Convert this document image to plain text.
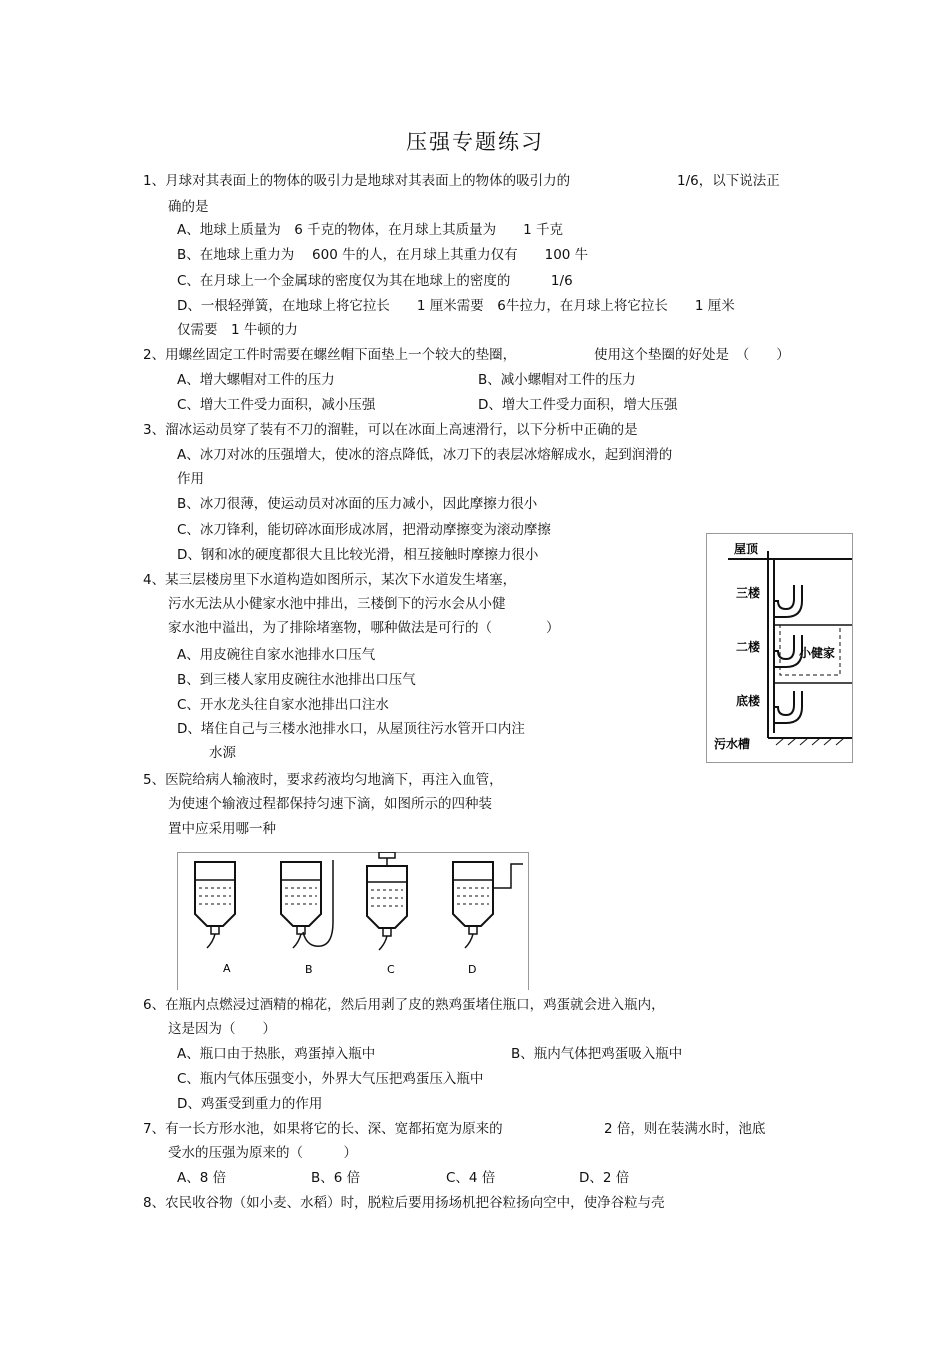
压强专题练习
1、月球对其表面上的物体的吸引力是地球对其表面上的物体的吸引力的	1/6，以下说法正
确的是
A、地球上质量为　6 千克的物体，在月球上其质量为　　1 千克
B、在地球上重力为　 600 牛的人，在月球上其重力仅有　　100 牛
C、在月球上一个金属球的密度仅为其在地球上的密度的　　　1/6
D、一根轻弹簧，在地球上将它拉长　　1 厘米需要　6牛拉力，在月球上将它拉长　　1 厘米
仅需要　1 牛顿的力
2、用螺丝固定工件时需要在螺丝帽下面垫上一个较大的垫圈，	使用这个垫圈的好处是　（　　）
A、增大螺帽对工件的压力	B、减小螺帽对工件的压力
C、增大工件受力面积，减小压强	D、增大工件受力面积，增大压强
3、溜冰运动员穿了装有不刀的溜鞋，可以在冰面上高速滑行，以下分析中正确的是
A、冰刀对冰的压强增大，使冰的溶点降低，冰刀下的表层冰熔解成水，起到润滑的
作用
B、冰刀很薄，使运动员对冰面的压力减小，因此摩擦力很小
C、冰刀锋利，能切碎冰面形成冰屑，把滑动摩擦变为滚动摩擦
D、钢和冰的硬度都很大且比较光滑，相互接触时摩擦力很小
4、某三层楼房里下水道构造如图所示，某次下水道发生堵塞，
污水无法从小健家水池中排出，三楼倒下的污水会从小健
家水池中溢出，为了排除堵塞物，哪种做法是可行的（　　　　）
A、用皮碗往自家水池排水口压气
B、到三楼人家用皮碗往水池排出口压气
C、开水龙头往自家水池排出口注水
D、堵住自己与三楼水池排水口，从屋顶往污水管开口内注
水源
屋顶
三楼
二楼	小健家
底楼
污水槽
5、医院给病人输液时，要求药液均匀地滴下，再注入血管，
为使速个输液过程都保持匀速下滴，如图所示的四种装
置中应采用哪一种
A	B	C	D
6、在瓶内点燃浸过酒精的棉花，然后用剥了皮的熟鸡蛋堵住瓶口，鸡蛋就会进入瓶内，
这是因为（　　）
A、瓶口由于热胀，鸡蛋掉入瓶中	B、瓶内气体把鸡蛋吸入瓶中
C、瓶内气体压强变小，外界大气压把鸡蛋压入瓶中
D、鸡蛋受到重力的作用
7、有一长方形水池，如果将它的长、深、宽都拓宽为原来的	2 倍，则在装满水时，池底
受水的压强为原来的（　　　）
A、8 倍	B、6 倍	C、4 倍	D、2 倍
8、农民收谷物（如小麦、水稻）时，脱粒后要用扬场机把谷粒扬向空中，使净谷粒与壳
